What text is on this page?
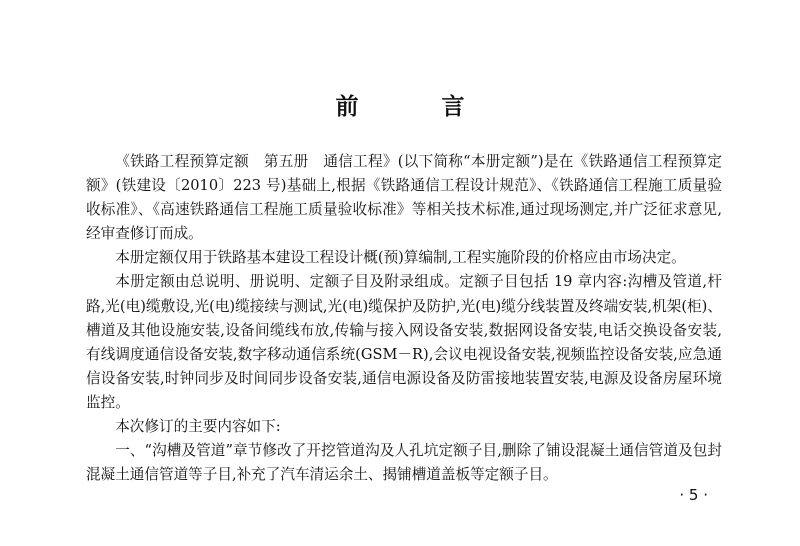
前　言

《铁路工程预算定额　第五册　通信工程》(以下简称“本册定额”)是在《铁路通信工程预算定额》(铁建设〔2010〕223 号)基础上,根据《铁路通信工程设计规范》、《铁路通信工程施工质量验收标准》、《高速铁路通信工程施工质量验收标准》等相关技术标准,通过现场测定,并广泛征求意见,经审查修订而成。

本册定额仅用于铁路基本建设工程设计概(预)算编制,工程实施阶段的价格应由市场决定。

本册定额由总说明、册说明、定额子目及附录组成。定额子目包括 19 章内容:沟槽及管道,杆路,光(电)缆敷设,光(电)缆接续与测试,光(电)缆保护及防护,光(电)缆分线装置及终端安装,机架(柜)、槽道及其他设施安装,设备间缆线布放,传输与接入网设备安装,数据网设备安装,电话交换设备安装,有线调度通信设备安装,数字移动通信系统(GSM－R),会议电视设备安装,视频监控设备安装,应急通信设备安装,时钟同步及时间同步设备安装,通信电源设备及防雷接地装置安装,电源及设备房屋环境监控。

本次修订的主要内容如下:

一、“沟槽及管道”章节修改了开挖管道沟及人孔坑定额子目,删除了铺设混凝土通信管道及包封混凝土通信管道等子目,补充了汽车清运余土、揭铺槽道盖板等定额子目。

· 5 ·
